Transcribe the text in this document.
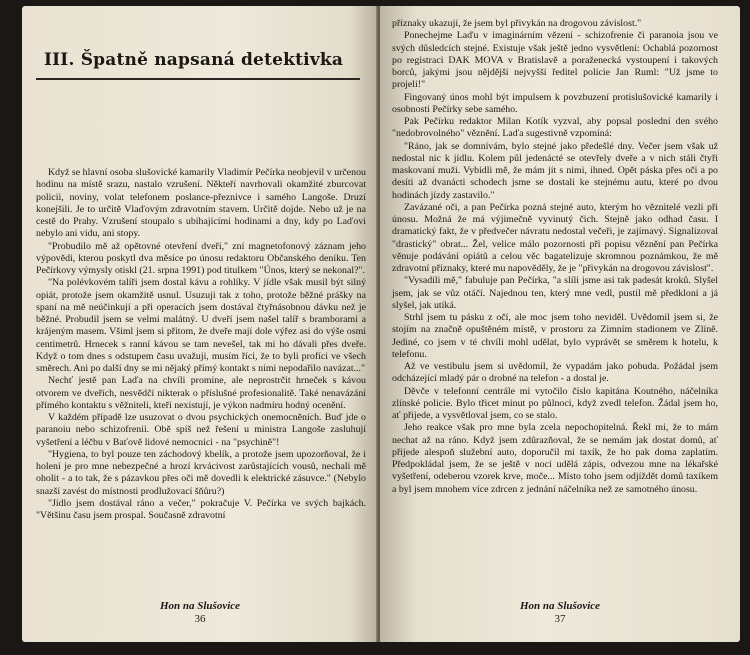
III. Špatně napsaná detektivka

Když se hlavní osoba slušovické kamarily Vladimír Pečírka neobjevil v určenou hodinu na místě srazu, nastalo vzrušení. Někteří navrhovali okamžité zburcovat policii, noviny, volat telefonem poslance-přeznivce i samého Langoše. Druzí konejšili. Je to určitě Vlaďovým zdravotním stavem. Určitě dojde. Nebo už je na cestě do Prahy. Vzrušení stoupalo s ubíhajícími hodinami a dny, kdy po Laďovi nebylo ani vidu, ani stopy.

"Probudilo mě až opětovné otevření dveří," zní magnetofonový záznam jeho výpovědi, kterou poskytl dva měsíce po únosu redaktoru Občanského deníku. Ten Pečírkovy výmysly otiskl (21. srpna 1991) pod titulkem "Únos, který se nekonal?".

"Na polévkovém talíři jsem dostal kávu a rohlíky. V jídle však musil být silný opiát, protože jsem okamžitě usnul. Usuzuji tak z toho, protože běžné prášky na spaní na mě neúčinkují a při operacích jsem dostával čtyřnásobnou dávku než je běžné. Probudil jsem se velmi malátný. U dveří jsem našel talíř s bramborami a krájeným masem. Všiml jsem si přitom, že dveře mají dole výřez asi do výše osmi centimetrů. Hrnecek s ranní kávou se tam nevešel, tak mi ho dávali přes dveře. Když o tom dnes s odstupem času uvažuji, musím říci, že to byli profíci ve všech směrech. Ani po další dny se mi nějaký přímý kontakt s nimi nepodařilo navázat..."

Nechť jestě pan Laďa na chvíli promine, ale neprostrčit hrneček s kávou otvorem ve dveřích, nesvědčí nikterak o příslušné profesionalitě. Také nenavázání přímého kontaktu s věžniteli, kteří nexistují, je výkon nadmíru hodný ocenění.

V každém případě lze usuzovat o dvou psychických onemocněních. Buď jde o paranoiu nebo schizofrenii. Obě spíš než řešení u ministra Langoše zasluhují vyšetření a léčbu v Baťově lidové nemocnici - na "psychině"!

"Hygiena, to byl pouze ten záchodový kbelík, a protože jsem upozorňoval, že i holení je pro mne nebezpečné a hrozí krvácivost zarůstajících vousů, nechali mě oholit - a to tak, že s pázavkou přes oči mě dovedli k elektrické zásuvce." (Nebylo snazší zavést do místnosti prodlužovací šňůru?)

"Jídlo jsem dostával ráno a večer," pokračuje V. Pečírka ve svých bajkách. "Většinu času jsem prospal. Současně zdravotní

Hon na Slušovice
36

příznaky ukazují, že jsem byl přivykán na drogovou závislost."

Ponechejme Laďu v imaginárním vězení - schizofrenie či paranoia jsou ve svých důsledcích stejné. Existuje však ještě jedno vysvětlení: Ochablá pozornost po registraci DAK MOVA v Bratislavě a poraženecká vystoupení i takových borců, jakými jsou nějdější nejvyšší ředitel policie Jan Ruml: "Už jsme to projeli!"

Fingovaný únos mohl být impulsem k povzbuzení protislušovické kamarily i osobnosti Pečírky sebe samého.

Pak Pečírku redaktor Milan Kotík vyzval, aby popsal poslední den svého "nedobrovolného" věznění. Laďa sugestivně vzpomíná:

"Ráno, jak se domnívám, bylo stejné jako předešlé dny. Večer jsem však už nedostal nic k jídlu. Kolem půl jedenácté se otevřely dveře a v nich stáli čtyři maskovaní muži. Vybídli mě, že mám jít s nimi, ihned. Opět páska přes oči a po desíti až dvanácti schodech jsme se dostali ke stejnému autu, které po dvou hodinách jízdy zastavilo."

Zavázané oči, a pan Pečírka pozná stejné auto, kterým ho věznitelé vezli při únosu. Možná že má výjimečně vyvinutý čich. Stejně jako odhad času. I dramatický fakt, že v předvečer návratu nedostal večeři, je zajímavý. Signalizoval "drastický" obrat... Žel, velice málo pozornosti při popisu věznění pan Pečírka věnuje podávání opiátů a celou věc bagatelizuje skromnou poznámkou, že mě zdravotní příznaky, které mu napověděly, že je "přivykán na drogovou závislost".

"Vysadili mě," fabuluje pan Pečírka, "a slíli jsme asi tak padesát kroků. Slyšel jsem, jak se vůz otáčí. Najednou ten, který mne vedl, pustil mě předkloní a já slyšel, jak utíká.

Strhl jsem tu pásku z očí, ale moc jsem toho neviděl. Uvědomil jsem si, že stojím na značně opuštěném místě, v prostoru za Zimním stadionem ve Zlíně. Jediné, co jsem v té chvíli mohl udělat, bylo vyprávět se směrem k hotelu, k telefonu.

Až ve vestibulu jsem si uvědomil, že vypadám jako pobuda. Požádal jsem odcházející mladý pár o drobné na telefon - a dostal je.

Děvče v telefonní centrále mi vytočilo číslo kapitána Koutného, náčelníka zlínské policie. Bylo třicet minut po půlnoci, když zvedl telefon. Žádal jsem ho, ať přijede, a vysvětloval jsem, co se stalo.

Jeho reakce však pro mne byla zcela nepochopitelná. Řekl mi, že to mám nechat až na ráno. Když jsem zdůrazňoval, že se nemám jak dostat domů, ať přijede alespoň služební auto, doporučil mi taxík, že ho pak doma zaplatím. Předpokládal jsem, že se ještě v noci udělá zápis, odvezou mne na lékařské vyšetření, odeberou vzorek krve, moče... Místo toho jsem odjíždět domů taxíkem a byl jsem mnohem více zdrcen z jednání náčelníka než ze samotného únosu.

Hon na Slušovice
37
